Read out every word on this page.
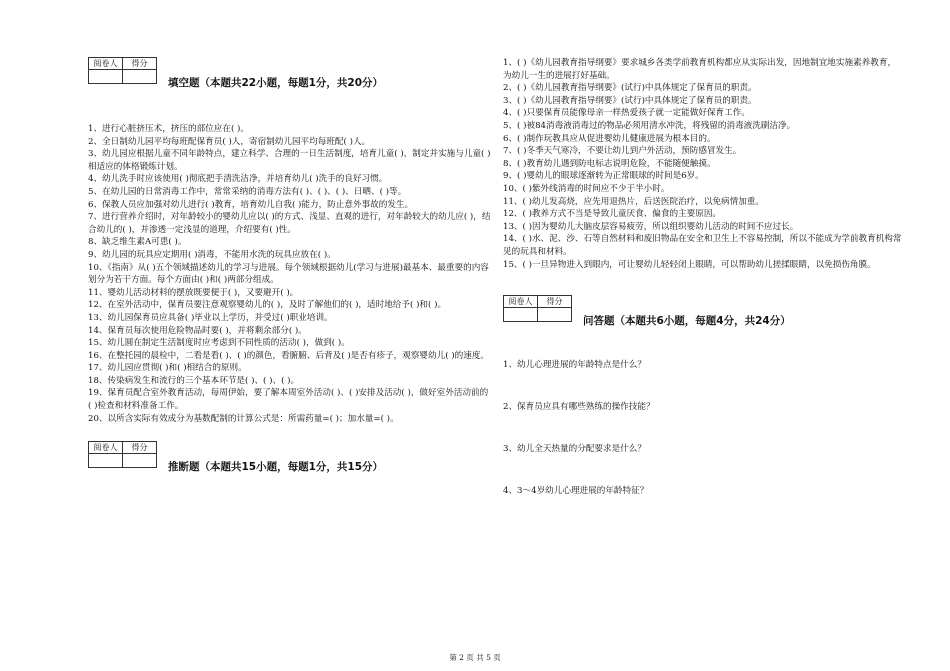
阅卷人	得分

填空题（本题共22小题，每题1分，共20分）

1、进行心脏挤压术，挤压的部位应在( )。

2、全日制幼儿园平均每班配保育员( )人，寄宿制幼儿园平均每班配( )人。

3、幼儿园应根据儿童不同年龄特点，建立科学、合理的一日生活制度，培育儿童( )，制定并实施与儿童( )相适应的体格锻炼计划。

4、幼儿洗手时应该使用( )彻底把手清洗洁净，并培育幼儿( )洗手的良好习惯。

5、在幼儿园的日常消毒工作中，常常采纳的消毒方法有( )、( )、( )、日晒、( )等。

6、保教人员应加强对幼儿进行( )教育，培育幼儿自我( )能力，防止意外事故的发生。

7、进行营养介绍时，对年龄较小的婴幼儿应以( )的方式、浅显、直观的进行，对年龄较大的幼儿应( )，结合幼儿的( )，并渗透一定浅显的道理，介绍要有( )性。

8、缺乏维生素A可患( )。

9、幼儿园的玩具应定期用( )消毒，不能用水洗的玩具应放在( )。

10、《指南》从( )五个领域描述幼儿的学习与进展。每个领域根据幼儿(学习与进展)最基本、最重要的内容划分为若干方面。每个方面由( )和( )两部分组成。

11、婴幼儿活动材料的摆放既要便于( )，又要避开( )。

12、在室外活动中，保育员要注意观察婴幼儿的( )，及时了解他们的( )，适时地给予( )和( )。

13、幼儿园保育员应具备( )毕业以上学历，并受过( )职业培训。

14、保育员每次使用危险物品时要( )，并将剩余部分( )。

15、幼儿圆在制定生活制度时应考虑到不同性质的活动( )，做到( )。

16、在整托园的晨检中，二看是看( )、( )的颜色，看腑腑、后背及( )是否有疹子，观察婴幼儿( )的速度。

17、幼儿园应贯彻( )和( )相结合的原则。

18、传染病发生和流行的三个基本环节是( )、( )、( )。

19、保育员配合室外教育活动，每周伊始，要了解本周室外活动( )、( )安排及活动( )，做好室外活动前的( )检查和材料准备工作。

20、以所含实际有效成分为基数配制的计算公式是：所需药量=( )；加水量=( )。

阅卷人	得分

推断题（本题共15小题，每题1分，共15分）

1、( )《幼儿园教育指导纲要》要求城乡各类学前教育机构都应从实际出发，因地制宜地实施素养教育，为幼儿一生的进展打好基础。

2、( )《幼儿园教育指导纲要》(试行)中具体规定了保育员的职责。

3、( )《幼儿园教育指导纲要》(试行)中具体规定了保育员的职责。

4、( )只要保育员能像母亲一样热爱孩子就一定能做好保育工作。

5、( )被84消毒液消毒过的物品必须用清水冲洗，将残留的消毒液洗刷洁净。

6、( )制作玩教具应从促进婴幼儿健康进展为根本目的。

7、( )冬季天气寒冷，不要让幼儿到户外活动，预防感冒发生。

8、( )教育幼儿遇到防电标志说明危险，不能随便触摸。

9、( )婴幼儿的眼球逐渐转为正常眼球的时间是6岁。

10、( )紫外线消毒的时间应不少于半小时。

11、( )幼儿发高烧，应先用退热片，后送医院治疗，以免病情加重。

12、( )教养方式不当是导致儿童厌食、偏食的主要原因。

13、( )因为婴幼儿大脑皮层容易疲劳，所以组织婴幼儿活动的时间不应过长。

14、( )水、泥、沙、石等自然材料和废旧物品在安全和卫生上不容易控制，所以不能成为学前教育机构常见的玩具和材料。

15、( )一旦异物进入到眼内，可让婴幼儿轻轻闭上眼睛，可以帮助幼儿搓揉眼睛，以免损伤角膜。

阅卷人	得分

问答题（本题共6小题，每题4分，共24分）

1、幼儿心理进展的年龄特点是什么？

2、保育员应具有哪些熟练的操作技能？

3、幼儿全天热量的分配要求是什么？

4、3～4岁幼儿心理进展的年龄特征？

第 2 页 共 5 页
